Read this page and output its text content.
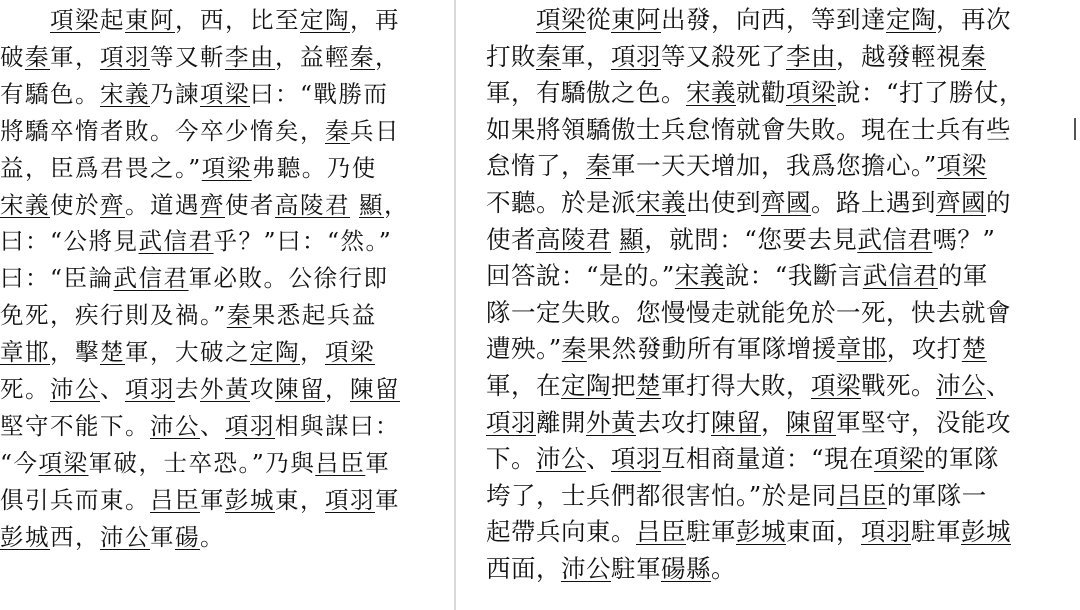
　　項梁起東阿，西，比至定陶，再
破秦軍，項羽等又斬李由，益輕秦，
有驕色。宋義乃諫項梁曰：“戰勝而
將驕卒惰者敗。今卒少惰矣，秦兵日
益，臣爲君畏之。”項梁弗聽。乃使
宋義使於齊。道遇齊使者高陵君 顯，
曰：“公將見武信君乎？”曰：“然。”
曰：“臣論武信君軍必敗。公徐行即
免死，疾行則及禍。”秦果悉起兵益
章邯，擊楚軍，大破之定陶，項梁
死。沛公、項羽去外黃攻陳留，陳留
堅守不能下。沛公、項羽相與謀曰：
“今項梁軍破，士卒恐。”乃與吕臣軍
俱引兵而東。吕臣軍彭城東，項羽軍
彭城西，沛公軍碭。
　　項梁從東阿出發，向西，等到達定陶，再次
打敗秦軍，項羽等又殺死了李由，越發輕視秦
軍，有驕傲之色。宋義就勸項梁說：“打了勝仗，
如果將領驕傲士兵怠惰就會失敗。現在士兵有些
怠惰了，秦軍一天天增加，我爲您擔心。”項梁
不聽。於是派宋義出使到齊國。路上遇到齊國的
使者高陵君 顯，就問：“您要去見武信君嗎？”
回答說：“是的。”宋義說：“我斷言武信君的軍
隊一定失敗。您慢慢走就能免於一死，快去就會
遭殃。”秦果然發動所有軍隊增援章邯，攻打楚
軍，在定陶把楚軍打得大敗，項梁戰死。沛公、
項羽離開外黃去攻打陳留，陳留軍堅守，没能攻
下。沛公、項羽互相商量道：“現在項梁的軍隊
垮了，士兵們都很害怕。”於是同吕臣的軍隊一
起帶兵向東。吕臣駐軍彭城東面，項羽駐軍彭城
西面，沛公駐軍碭縣。
